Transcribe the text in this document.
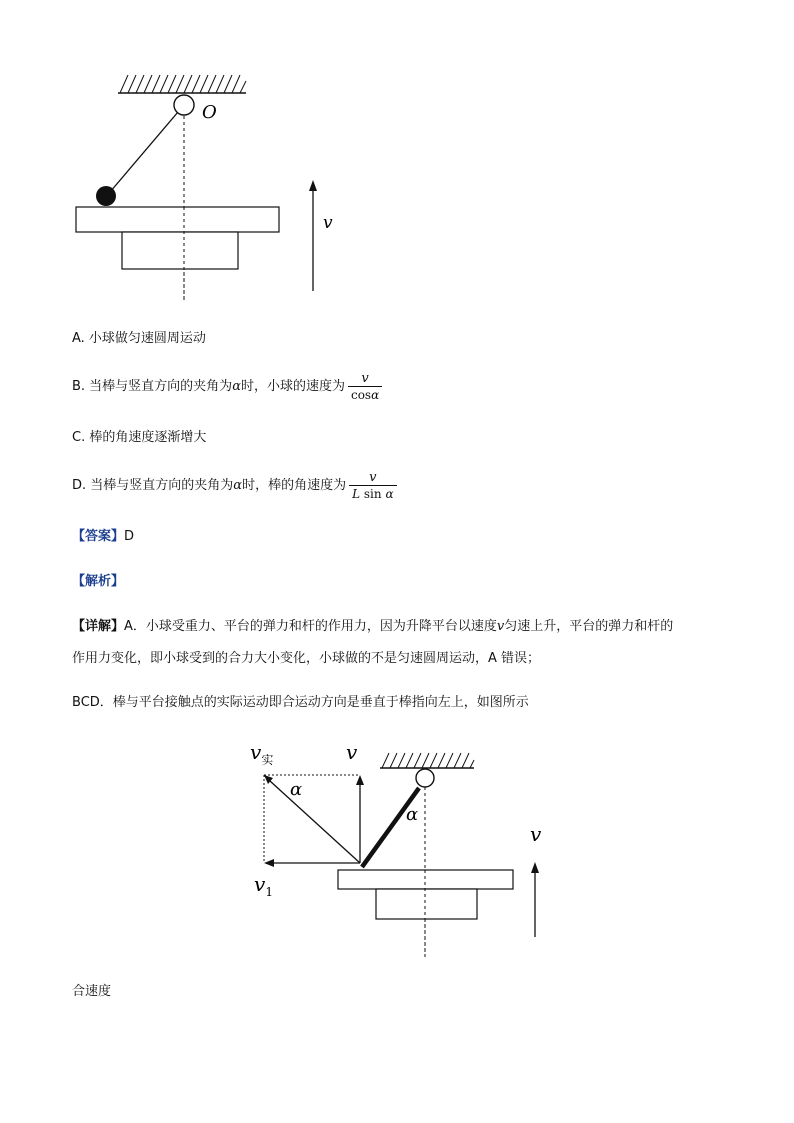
O
v
A. 小球做匀速圆周运动
B. 当棒与竖直方向的夹角为 α 时，小球的速度为 $\frac{v}{\cos\alpha}$
C. 棒的角速度逐渐增大
D. 当棒与竖直方向的夹角为 α 时，棒的角速度为 $\frac{v}{\text{L sin α}}$
【答案】D
【解析】
【详解】A．小球受重力、平台的弹力和杆的作用力，因为升降平台以速度v匀速上升，平台的弹力和杆的
作用力变化，即小球受到的合力大小变化，小球做的不是匀速圆周运动，A 错误；
BCD．棒与平台接触点的实际运动即合运动方向是垂直于棒指向左上，如图所示
$v_实$	v
α
α
$v_1$
v
合速度
